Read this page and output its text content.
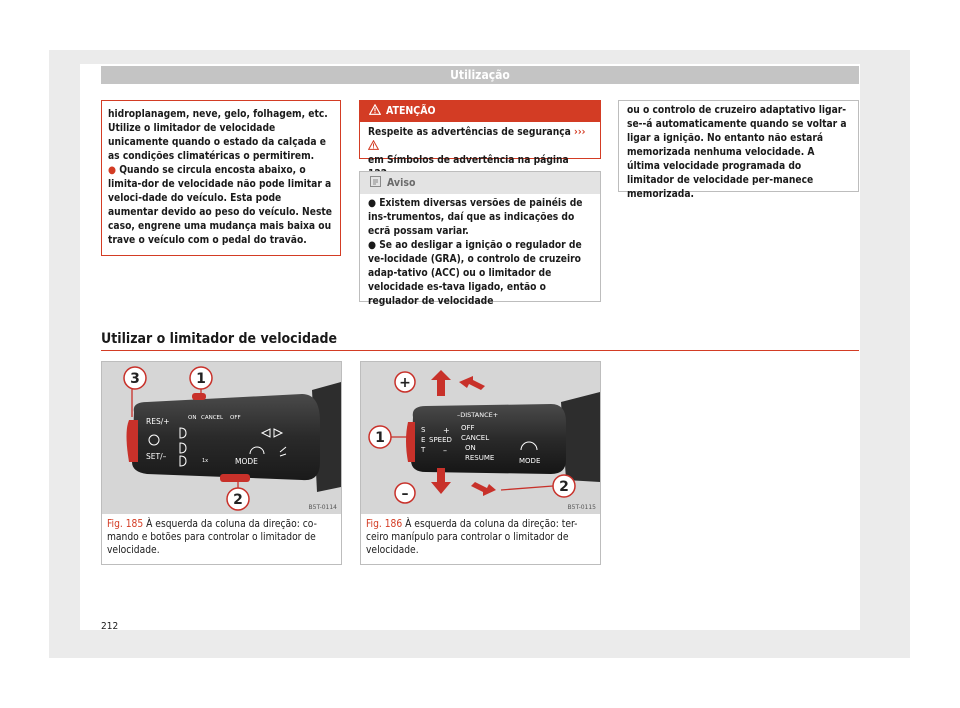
Utilização

hidroplanagem, neve, gelo, folhagem, etc. Utilize o limitador de velocidade unicamente quando o estado da calçada e as condições climatéricas o permitirem.

● Quando se circula encosta abaixo, o limita-dor de velocidade não pode limitar a veloci-dade do veículo. Esta pode aumentar devido ao peso do veículo. Neste caso, engrene uma mudança mais baixa ou trave o veículo com o pedal do travão.

ATENÇÃO
Respeite as advertências de segurança ›››
em Símbolos de advertência na página
Aviso

● Existem diversas versões de painéis de ins-trumentos, daí que as indicações do ecrã possam variar.

● Se ao desligar a ignição o regulador de ve-locidade (GRA), o controlo de cruzeiro adap-tativo (ACC) ou o limitador de velocidade es-tava ligado, então o regulador de velocidade

ou o controlo de cruzeiro adaptativo ligar-se--á automaticamente quando se voltar a ligar a ignição. No entanto não estará memorizada nenhuma velocidade. A última velocidade programada do limitador de velocidade per-manece memorizada.
Utilizar o limitador de velocidade
RES/+	ON CANCEL OFF
SET/–
MODE
1x
3	1
2	B5T-0114
Fig. 185 À esquerda da coluna da direção: co-mando e botões para controlar o limitador de velocidade.
–DISTANCE+
S
E
T
SPEED
+
–
OFF
CANCEL
ON
RESUME	MODE
+
1
–	2
B5T-0115
Fig. 186 À esquerda da coluna da direção: ter-ceiro manípulo para controlar o limitador de velocidade.
212
